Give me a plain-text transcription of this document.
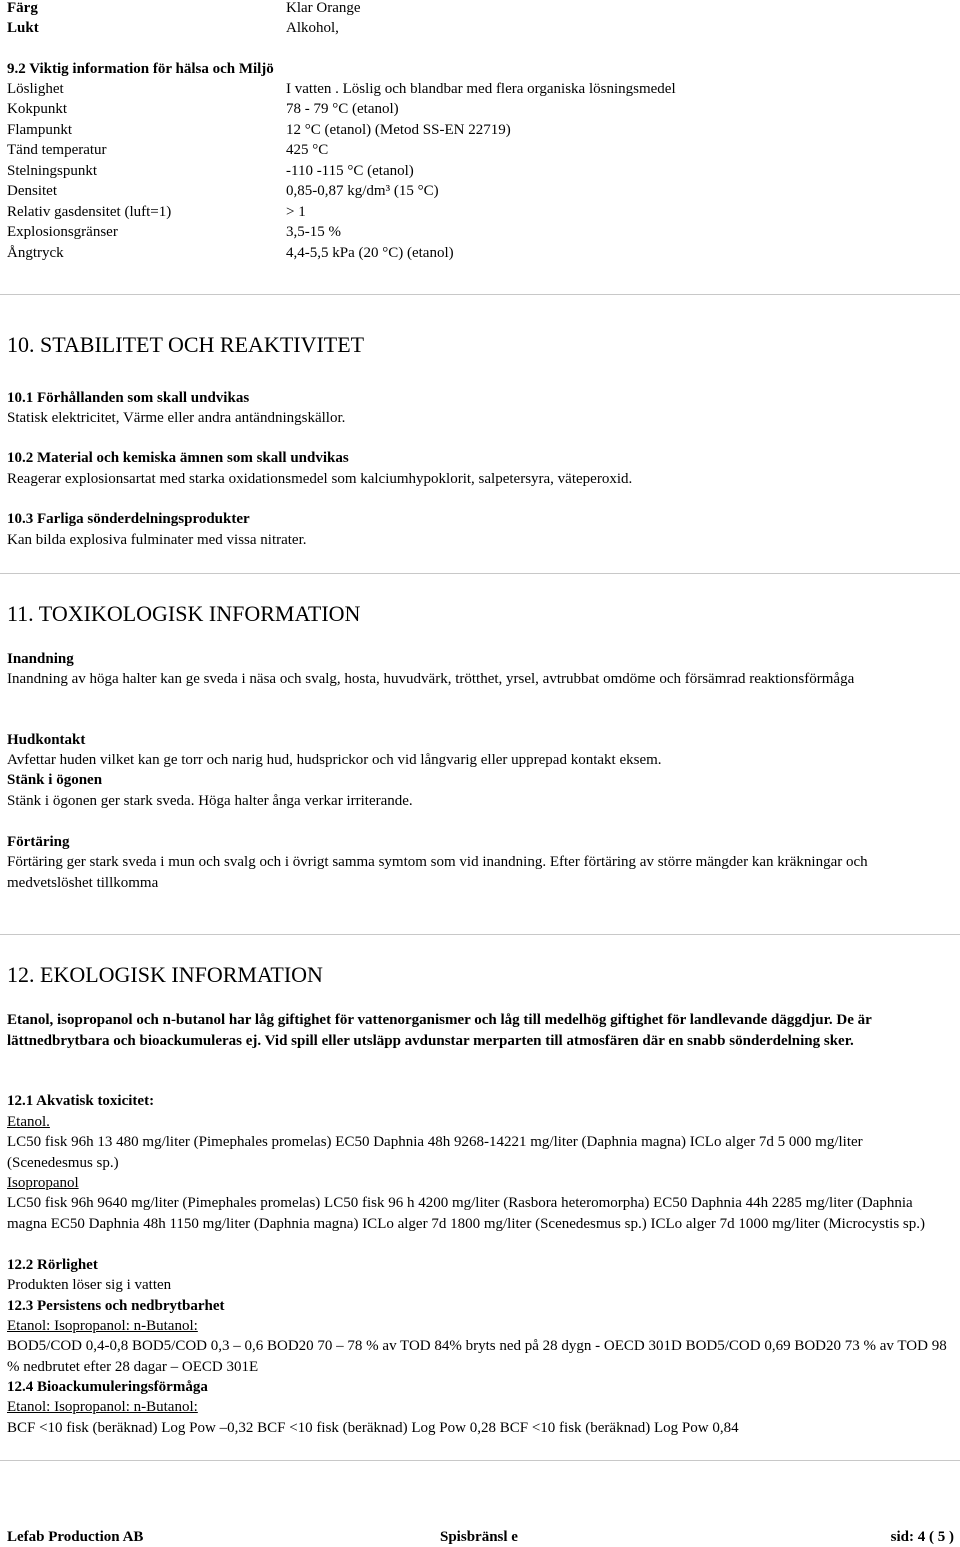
Färg	Klar Orange
Lukt	Alkohol,
9.2 Viktig information för hälsa och Miljö
Löslighet	I vatten . Löslig och blandbar med flera organiska lösningsmedel
Kokpunkt	78 - 79 °C (etanol)
Flampunkt	12 °C (etanol) (Metod SS-EN 22719)
Tänd temperatur	425 °C
Stelningspunkt	-110 -115 °C (etanol)
Densitet	0,85-0,87 kg/dm³ (15 °C)
Relativ gasdensitet (luft=1)	> 1
Explosionsgränser	3,5-15 %
Ångtryck	4,4-5,5 kPa (20 °C) (etanol)
10. STABILITET OCH REAKTIVITET
10.1 Förhållanden som skall undvikas
Statisk elektricitet, Värme eller andra antändningskällor.
10.2 Material och kemiska ämnen som skall undvikas
Reagerar explosionsartat med starka oxidationsmedel som kalciumhypoklorit, salpetersyra, väteperoxid.
10.3 Farliga sönderdelningsprodukter
Kan bilda explosiva fulminater med vissa nitrater.
11. TOXIKOLOGISK INFORMATION
Inandning
Inandning av höga halter kan ge sveda i näsa och svalg, hosta, huvudvärk, trötthet, yrsel, avtrubbat omdöme och försämrad reaktionsförmåga
Hudkontakt
Avfettar huden vilket kan ge torr och narig hud, hudsprickor och vid långvarig eller upprepad kontakt eksem.
Stänk i ögonen
Stänk i ögonen ger stark sveda. Höga halter ånga verkar irriterande.
Förtäring
Förtäring ger stark sveda i mun och svalg och i övrigt samma symtom som vid inandning. Efter förtäring av större mängder kan kräkningar och medvetslöshet tillkomma
12. EKOLOGISK INFORMATION
Etanol, isopropanol och n-butanol har låg giftighet för vattenorganismer och låg till medelhög giftighet för landlevande däggdjur. De är lättnedbrytbara och bioackumuleras ej. Vid spill eller utsläpp avdunstar merparten till atmosfären där en snabb sönderdelning sker.
12.1 Akvatisk toxicitet:
Etanol.
LC50 fisk 96h 13 480 mg/liter (Pimephales promelas) EC50 Daphnia 48h 9268-14221 mg/liter (Daphnia magna) ICLo alger 7d 5 000 mg/liter (Scenedesmus sp.)
Isopropanol
LC50 fisk 96h 9640 mg/liter (Pimephales promelas) LC50 fisk 96 h 4200 mg/liter (Rasbora heteromorpha) EC50 Daphnia 44h 2285 mg/liter (Daphnia magna EC50 Daphnia 48h 1150 mg/liter (Daphnia magna) ICLo alger 7d 1800 mg/liter (Scenedesmus sp.) ICLo alger 7d 1000 mg/liter (Microcystis sp.)
12.2 Rörlighet
Produkten löser sig i vatten
12.3 Persistens och nedbrytbarhet
Etanol: Isopropanol: n-Butanol:
BOD5/COD 0,4-0,8 BOD5/COD 0,3 – 0,6 BOD20 70 – 78 % av TOD 84% bryts ned på 28 dygn - OECD 301D BOD5/COD 0,69 BOD20 73 % av TOD 98 % nedbrutet efter 28 dagar – OECD 301E
12.4 Bioackumuleringsförmåga
Etanol: Isopropanol: n-Butanol:
BCF <10 fisk (beräknad) Log Pow –0,32 BCF <10 fisk (beräknad) Log Pow 0,28 BCF <10 fisk (beräknad) Log Pow 0,84
Lefab Production AB	Spisbränsl e	sid: 4 ( 5 )
